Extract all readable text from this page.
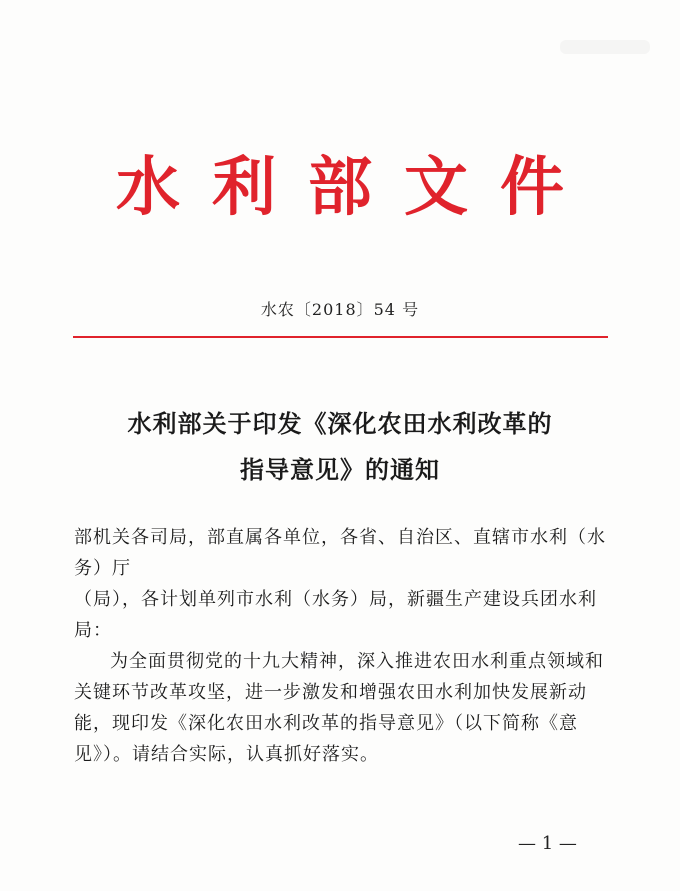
水 利 部 文 件
水农〔2018〕54 号
水利部关于印发《深化农田水利改革的
指导意见》的通知

部机关各司局，部直属各单位，各省、自治区、直辖市水利（水务）厅

（局），各计划单列市水利（水务）局，新疆生产建设兵团水利局：

为全面贯彻党的十九大精神，深入推进农田水利重点领域和关键环节改革攻坚，进一步激发和增强农田水利加快发展新动能，现印发《深化农田水利改革的指导意见》（以下简称《意见》）。请结合实际，认真抓好落实。

— 1 —
